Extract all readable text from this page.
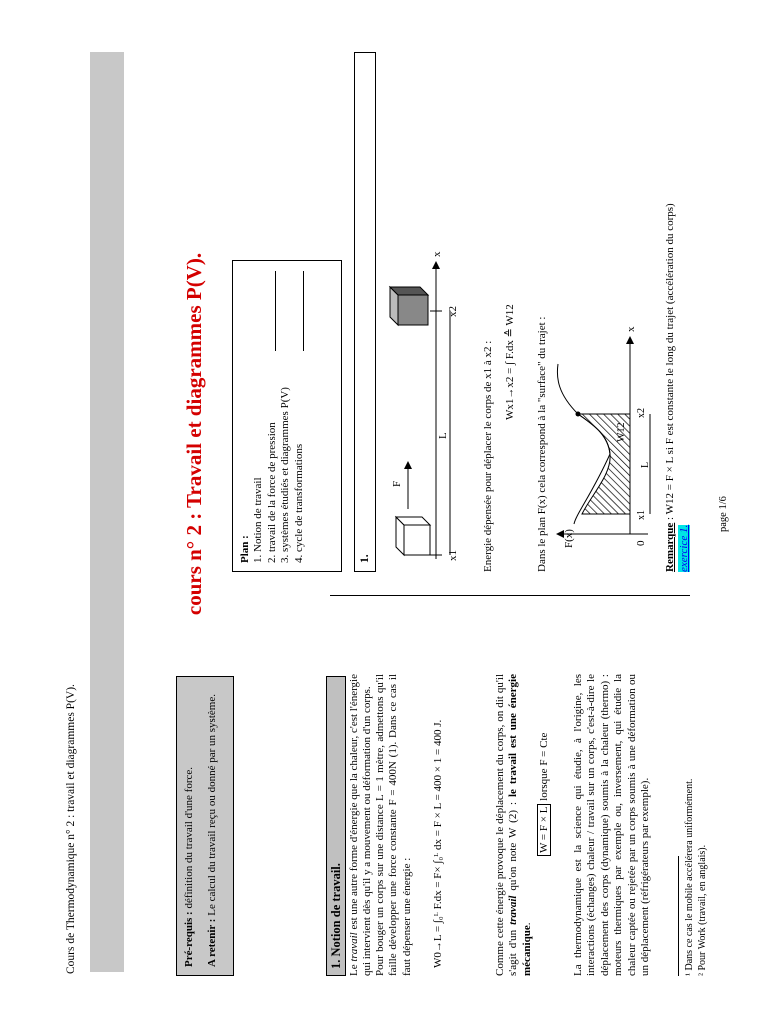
Cours de Thermodynamique n° 2 : travail et diagrammes P(V).
cours n° 2 : Travail et diagrammes P(V).
Pré-requis : définition du travail d'une force.
A retenir : Le calcul du travail reçu ou donné par un système.	1. Notion de travail. Le travail est une autre forme d'énergie que la chaleur, c'est l'énergie qui intervient dès qu'il y a mouvement ou déformation d'un corps. Pour bouger un corps sur une distance L = 1 mètre, admettons qu'il faille développer une force constante F = 400N (1). Dans ce cas il faut dépenser une énergie : W0→L = ∫₀ᴸ F.dx = F× ∫₀ᴸ dx = F × L = 400 × 1 = 400 J.	Comme cette énergie provoque le déplacement du corps, on dit qu'il s'agit d'un travail qu'on note W (2) : le travail est une énergie mécanique.
W = F × L lorsque F = Cte La thermodynamique est la science qui étudie, à l'origine, les interactions (échanges) chaleur / travail sur un corps, c'est-à-dire le déplacement des corps (dynamique) soumis à la chaleur (thermo) : moteurs thermiques par exemple ou, inversement, qui étudie la chaleur captée ou rejetée par un corps soumis à une déformation ou un déplacement (réfrigérateurs par exemple).	¹ Dans ce cas le mobile accélérera uniformément. ² Pour Work (travail, en anglais).
Plan : 1. Notion de travail 2. travail de la force de pression 3. systèmes étudiés et diagrammes P(V) 4. cycle de transformations	1.
F
x
x1
x2
L	Energie dépensée pour déplacer le corps de x1 à x2 : Wx1→x2 = ∫ F.dx ≙ W12 Dans le plan F(x) cela correspond à la "surface" du trajet : F(x)
x
0
x1
x2
L
W12
Remarque : W12 = F × L si F est constante le long du trajet (accélération du corps)
exercice 1.
page 1/6
